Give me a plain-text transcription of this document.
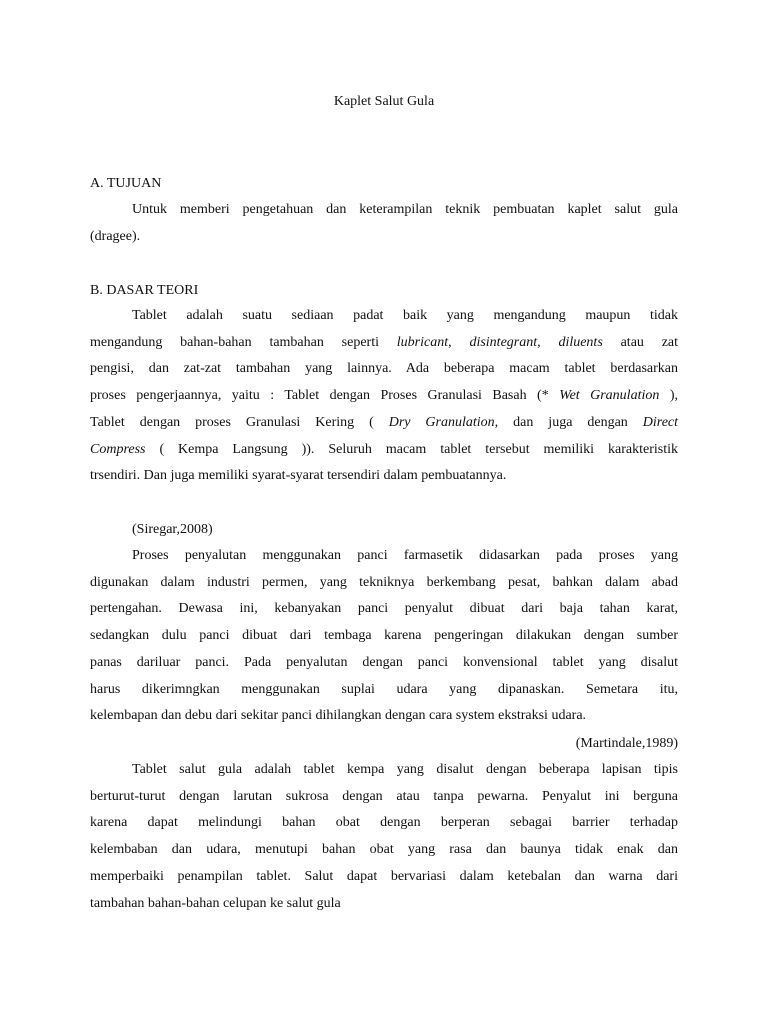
Kaplet Salut Gula

A. TUJUAN

Untuk memberi pengetahuan dan keterampilan teknik pembuatan kaplet salut gula
(dragee).

B. DASAR TEORI

Tablet adalah suatu sediaan padat baik yang mengandung maupun tidak
mengandung bahan-bahan tambahan seperti lubricant, disintegrant, diluents atau zat
pengisi, dan zat-zat tambahan yang lainnya. Ada beberapa macam tablet berdasarkan
proses pengerjaannya, yaitu : Tablet dengan Proses Granulasi Basah (* Wet Granulation ),
Tablet dengan proses Granulasi Kering ( Dry Granulation, dan juga dengan Direct
Compress ( Kempa Langsung )). Seluruh macam tablet tersebut memiliki karakteristik
trsendiri. Dan juga memiliki syarat-syarat tersendiri dalam pembuatannya.

(Siregar,2008)

Proses penyalutan menggunakan panci farmasetik didasarkan pada proses yang
digunakan dalam industri permen, yang tekniknya berkembang pesat, bahkan dalam abad
pertengahan. Dewasa ini, kebanyakan panci penyalut dibuat dari baja tahan karat,
sedangkan dulu panci dibuat dari tembaga karena pengeringan dilakukan dengan sumber
panas dariluar panci. Pada penyalutan dengan panci konvensional tablet yang disalut
harus dikerimngkan menggunakan suplai udara yang dipanaskan. Semetara itu,
kelembapan dan debu dari sekitar panci dihilangkan dengan cara system ekstraksi udara.

(Martindale,1989)

Tablet salut gula adalah tablet kempa yang disalut dengan beberapa lapisan tipis
berturut-turut dengan larutan sukrosa dengan atau tanpa pewarna. Penyalut ini berguna
karena dapat melindungi bahan obat dengan berperan sebagai barrier terhadap
kelembaban dan udara, menutupi bahan obat yang rasa dan baunya tidak enak dan
memperbaiki penampilan tablet. Salut dapat bervariasi dalam ketebalan dan warna dari
tambahan bahan-bahan celupan ke salut gula
